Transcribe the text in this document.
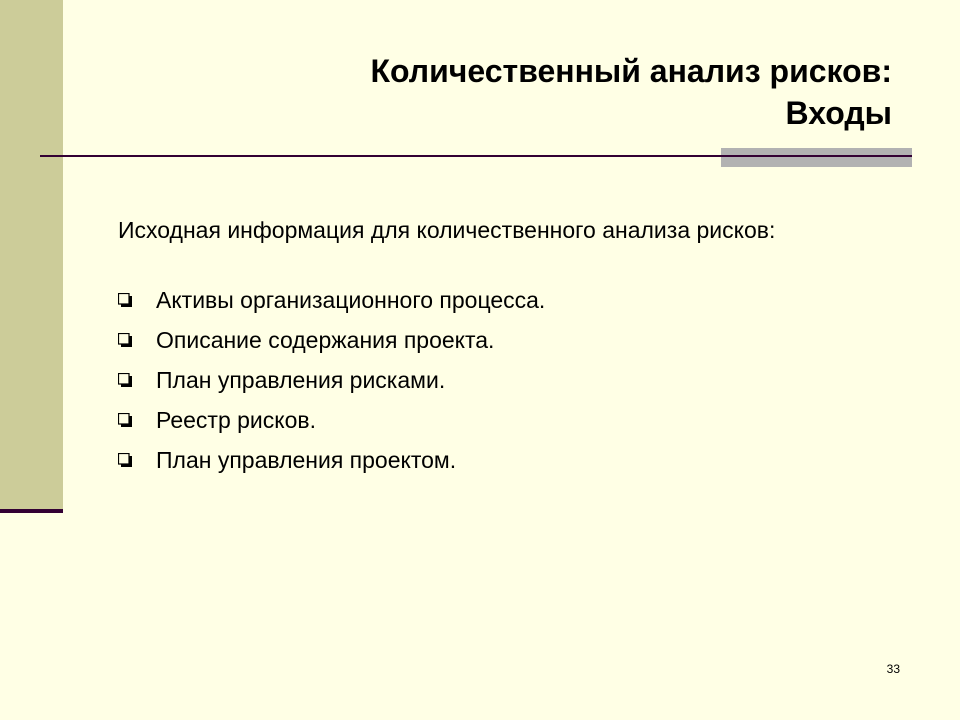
Количественный анализ рисков:
Входы
Исходная информация для количественного анализа рисков:
Активы организационного процесса.
Описание содержания проекта.
План управления рисками.
Реестр рисков.
План управления проектом.
33
